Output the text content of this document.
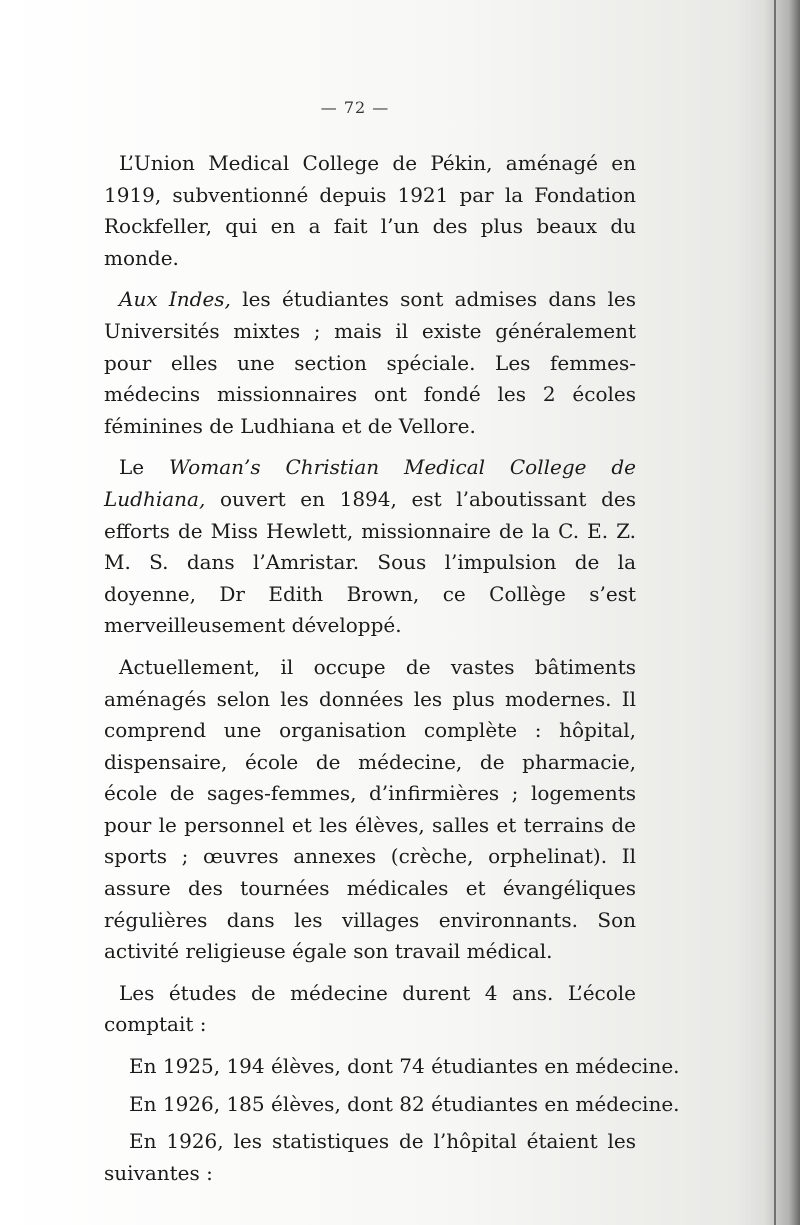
— 72 —

L’Union Medical College de Pékin, aménagé en 1919, subventionné depuis 1921 par la Fondation Rockfeller, qui en a fait l’un des plus beaux du monde.

Aux Indes, les étudiantes sont admises dans les Universités mixtes ; mais il existe généralement pour elles une section spéciale. Les femmes-médecins missionnaires ont fondé les 2 écoles féminines de Ludhiana et de Vellore.

Le Woman’s Christian Medical College de Ludhiana, ouvert en 1894, est l’aboutissant des efforts de Miss Hewlett, missionnaire de la C. E. Z. M. S. dans l’Amristar. Sous l’impulsion de la doyenne, Dr Edith Brown, ce Collège s’est merveilleusement développé.

Actuellement, il occupe de vastes bâtiments aménagés selon les données les plus modernes. Il comprend une organisation complète : hôpital, dispensaire, école de médecine, de pharmacie, école de sages-femmes, d’infirmières ; logements pour le personnel et les élèves, salles et terrains de sports ; œuvres annexes (crèche, orphelinat). Il assure des tournées médicales et évangéliques régulières dans les villages environnants. Son activité religieuse égale son travail médical.

Les études de médecine durent 4 ans. L’école comptait :

En 1925, 194 élèves, dont 74 étudiantes en médecine.

En 1926, 185 élèves, dont 82 étudiantes en médecine.

En 1926, les statistiques de l’hôpital étaient les suivantes :
